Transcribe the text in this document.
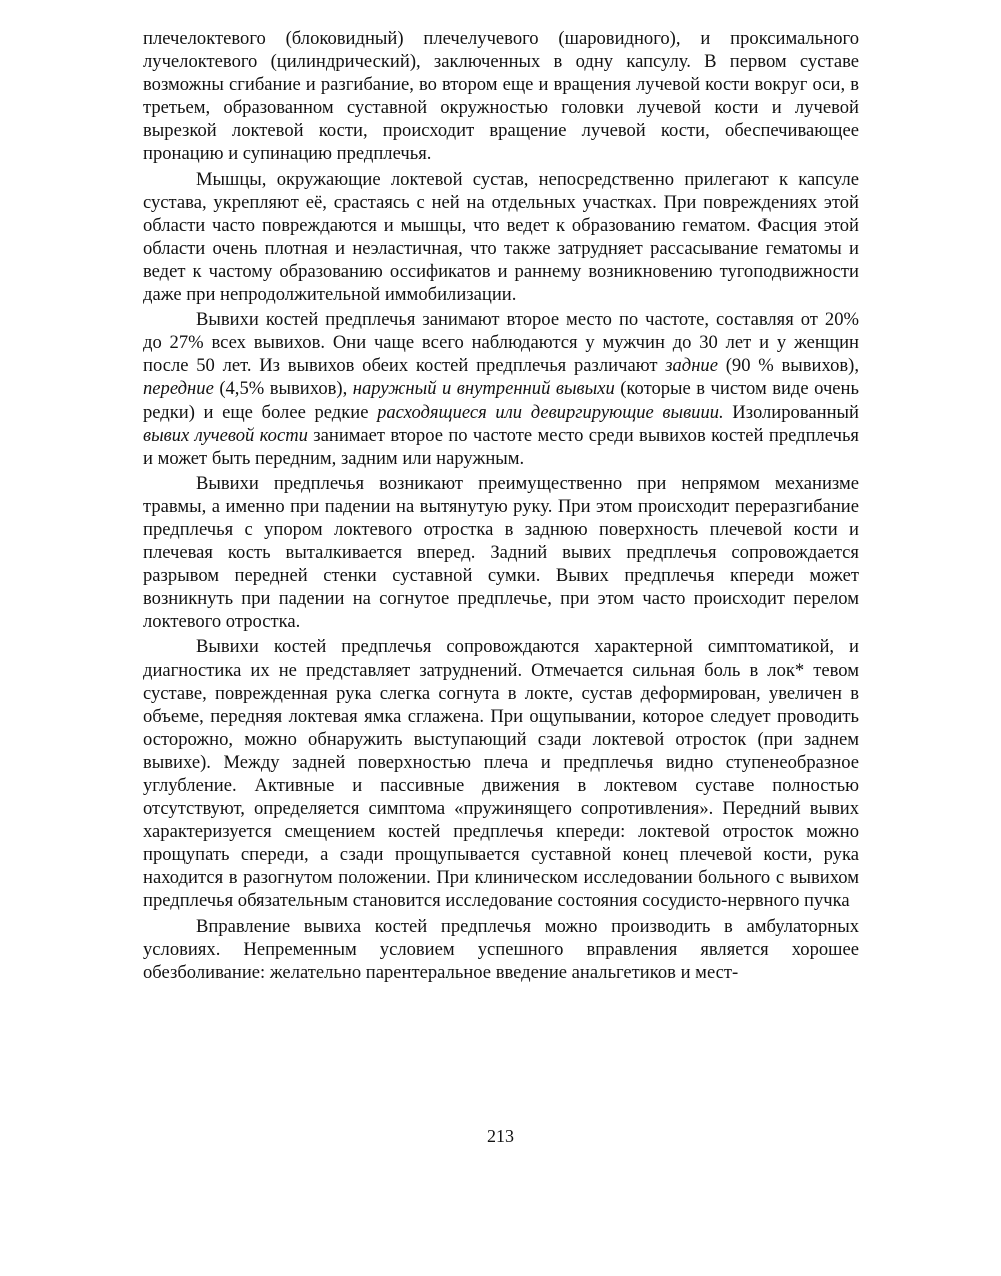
плечелоктевого (блоковидный) плечелучевого (шаровидного), и проксимального лучелоктевого (цилиндрический), заключенных в одну капсулу. В первом суставе возможны сгибание и разгибание, во втором еще и вращения лучевой кости вокруг оси, в третьем, образованном суставной окружностью головки лучевой кости и лучевой вырезкой локтевой кости, происходит вращение лучевой кости, обеспечивающее пронацию и супинацию предплечья.

Мышцы, окружающие локтевой сустав, непосредственно прилегают к капсуле сустава, укрепляют её, срастаясь с ней на отдельных участках. При повреждениях этой области часто повреждаются и мышцы, что ведет к образованию гематом. Фасция этой области очень плотная и неэластичная, что также затрудняет рассасывание гематомы и ведет к частому образованию оссификатов и раннему возникновению тугоподвижности даже при непродолжительной иммобилизации.

Вывихи костей предплечья занимают второе место по частоте, составляя от 20% до 27% всех вывихов. Они чаще всего наблюдаются у мужчин до 30 лет и у женщин после 50 лет. Из вывихов обеих костей предплечья различают задние (90 % вывихов), передние (4,5% вывихов), наружный и внутренний вывыхи (которые в чистом виде очень редки) и еще более редкие расходящиеся или девиргирующие вывиии. Изолированный вывих лучевой кости занимает второе по частоте место среди вывихов костей предплечья и может быть передним, задним или наружным.

Вывихи предплечья возникают преимущественно при непрямом механизме травмы, а именно при падении на вытянутую руку. При этом происходит переразгибание предплечья с упором локтевого отростка в заднюю поверхность плечевой кости и плечевая кость выталкивается вперед. Задний вывих предплечья сопровождается разрывом передней стенки суставной сумки. Вывих предплечья кпереди может возникнуть при падении на согнутое предплечье, при этом часто происходит перелом локтевого отростка.

Вывихи костей предплечья сопровождаются характерной симптоматикой, и диагностика их не представляет затруднений. Отмечается сильная боль в лок* тевом суставе, поврежденная рука слегка согнута в локте, сустав деформирован, увеличен в объеме, передняя локтевая ямка сглажена. При ощупывании, которое следует проводить осторожно, можно обнаружить выступающий сзади локтевой отросток (при заднем вывихе). Между задней поверхностью плеча и предплечья видно ступенеобразное углубление. Активные и пассивные движения в локтевом суставе полностью отсутствуют, определяется симптома «пружинящего сопротивления». Передний вывих характеризуется смещением костей предплечья кпереди: локтевой отросток можно прощупать спереди, а сзади прощупывается суставной конец плечевой кости, рука находится в разогнутом положении. При клиническом исследовании больного с вывихом предплечья обязательным становится исследование состояния сосудисто-нервного пучка

Вправление вывиха костей предплечья можно производить в амбулаторных условиях. Непременным условием успешного вправления является хорошее обезболивание: желательно парентеральное введение анальгетиков и мест-

213
